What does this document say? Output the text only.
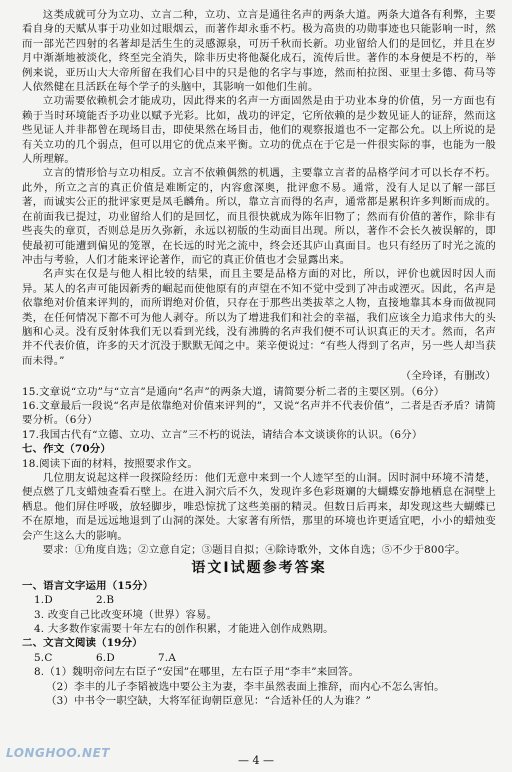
这类成就可分为立功、立言二种，立功、立言是通往名声的两条大道。两条大道各有利弊，主要看自身的天赋从事于功业如过眼烟云，而著作却永垂不朽。极为高贵的功勋事迹也只能影响一时，然而一部光芒四射的名著却是活生生的灵感源泉，可历千秋而长新。功业留给人们的是回忆，并且在岁月中渐渐地被淡化，终至完全消失，除非历史将他凝化成石，流传后世。著作的本身便是不朽的，举例来说，亚历山大大帝所留在我们心目中的只是他的名字与事迹，然而柏拉图、亚里士多德、荷马等人依然健在且活跃在每个学子的头脑中，其影响一如他们生前。

立功需要依赖机会才能成功，因此得来的名声一方面固然是由于功业本身的价值，另一方面也有赖于当时环境能否予功业以赋予光彩。比如，战功的评定，它所依赖的是少数见证人的证辞，然而这些见证人并非都曾在现场目击，即使果然在场目击，他们的观察报道也不一定都公允。以上所说的是有关立功的几个弱点，但可以用它的优点来平衡。立功的优点在于它是一件很实际的事，也能为一般人所理解。

立言的情形恰与立功相反。立言不依赖偶然的机遇，主要靠立言者的品格学问才可以长存不朽。此外，所立之言的真正价值是难断定的，内容愈深奥，批评愈不易。通常，没有人足以了解一部巨著，而诚实公正的批评家更是凤毛麟角。所以，靠立言而得的名声，通常都是累积许多判断而成的。在前面我已提过，功业留给人们的是回忆，而且很快就成为陈年旧物了；然而有价值的著作，除非有些丧失的章页，否则总是历久弥新，永远以初版的生动面目出现。所以，著作不会长久被误解的，即使最初可能遭到偏见的笼罩，在长远的时光之流中，终会还其庐山真面目。也只有经历了时光之流的冲击与考验，人们才能来评论著作，而它的真正价值也才会显露出来。

名声实在仅是与他人相比较的结果，而且主要是品格方面的对比，所以，评价也就因时因人而异。某人的名声可能因新秀的崛起而使他原有的声望在不知不觉中受到了冲击或湮灭。因此，名声是依靠绝对价值来评判的，而所谓绝对价值，只存在于那些出类拔萃之人物，直接地靠其本身而做视同类，在任何情况下都不可为他人剥夺。所以为了增进我们和社会的幸福，我们应该全力追求伟大的头脑和心灵。没有反射体我们无以看到光线，没有沸腾的名声我们便不可认识真正的天才。然而，名声并不代表价值，许多的天才沉没于默默无闻之中。莱辛便说过：“有些人得到了名声，另一些人却当获而未得。”

（全玲译，有删改）

15.文章说“立功”与“立言”是通向“名声”的两条大道，请简要分析二者的主要区别。（6分）

16.文章最后一段说“名声是依靠绝对价值来评判的”，又说“名声并不代表价值”，二者是否矛盾？请简要分析。（6分）

17.我国古代有“立德、立功、立言”三不朽的说法，请结合本文谈谈你的认识。（6分）

七、作文（70分）

18.阅读下面的材料，按照要求作文。

几位朋友说起这样一段探险经历：他们无意中来到一个人迹罕至的山洞。因时洞中环境不清楚，便点燃了几支蜡烛查看石壁上。在进入洞穴后不久，发现许多色彩斑斓的大蝴蝶安静地栖息在洞壁上栖息。他们屏住呼吸，放轻脚步，唯恐惊扰了这些美丽的精灵。但数日后再来，却发现这些大蝴蝶已不在原地，而是远远地退到了山洞的深处。大家著有所悟，那里的环境也许更适宜吧，小小的蜡烛变会产生这么大的影响。

要求：①角度自选；②立意自定；③题目自拟；④除诗歌外，文体自选；⑤不少于800字。

语文Ⅰ试题参考答案

一、语言文字运用（15分）

1.D	2.B

3. 改变自己比改变环境（世界）容易。

4. 大多数作家需要十年左右的创作积累，才能进入创作成熟期。

二、文言文阅读（19分）

5.C	6.D	7.A

8.（1）魏明帝问左右臣子“安国”在哪里，左右臣子用“李丰”来回答。

（2）李丰的儿子李韬被选中要公主为妻，李丰虽然表面上推辞，而内心不怎么害怕。

（3）中书令一职空缺，大将军征询朝臣意见：“合适补任的人为谁？”

LONGHOO.NET
— 4 —
